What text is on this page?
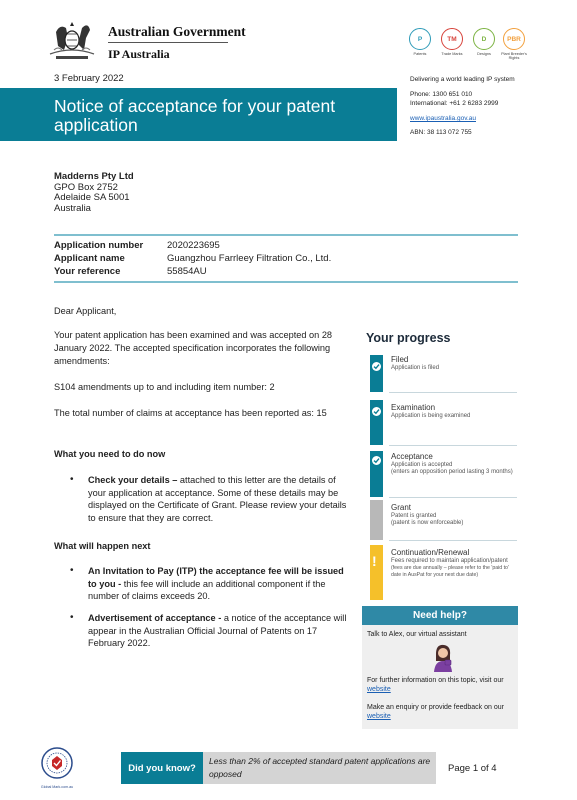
Australian Government
IP Australia
P
Patents
TM
Trade Marks
D
Designs
PBR
Plant Breeder's Rights
3 February 2022	Delivering a world leading IP system
Notice of acceptance for your patent application
Phone: 1300 651 010
International: +61 2 6283 2999
www.ipaustralia.gov.au
ABN: 38 113 072 755
Madderns Pty Ltd
GPO Box 2752
Adelaide SA 5001
Australia
Application number	2020223695
Applicant name	Guangzhou Farrleey Filtration Co., Ltd.
Your reference	55854AU
Dear Applicant,
Your patent application has been examined and was accepted on 28 January 2022. The accepted specification incorporates the following amendments:
S104 amendments up to and including item number: 2
The total number of claims at acceptance has been reported as: 15
What you need to do now
• Check your details – attached to this letter are the details of your application at acceptance. Some of these details may be displayed on the Certificate of Grant. Please review your details to ensure that they are correct.
What will happen next
• An Invitation to Pay (ITP) the acceptance fee will be issued to you - this fee will include an additional component if the number of claims exceeds 20.
• Advertisement of acceptance - a notice of the acceptance will appear in the Australian Official Journal of Patents on 17 February 2022.
Your progress
Filed
Application is filed
Examination
Application is being examined
Acceptance
Application is accepted
(enters an opposition period lasting 3 months)
Grant
Patent is granted
(patent is now enforceable)
!
Continuation/Renewal
Fees required to maintain application/patent
(fees are due annually – please refer to the 'paid to' date in AusPat for your next due date)
Need help?
Talk to Alex, our virtual assistant
For further information on this topic, visit our website
Make an enquiry or provide feedback on our website
Global Mark.com.au
Did you know?
Less than 2% of accepted standard patent applications are opposed	Page 1 of 4
